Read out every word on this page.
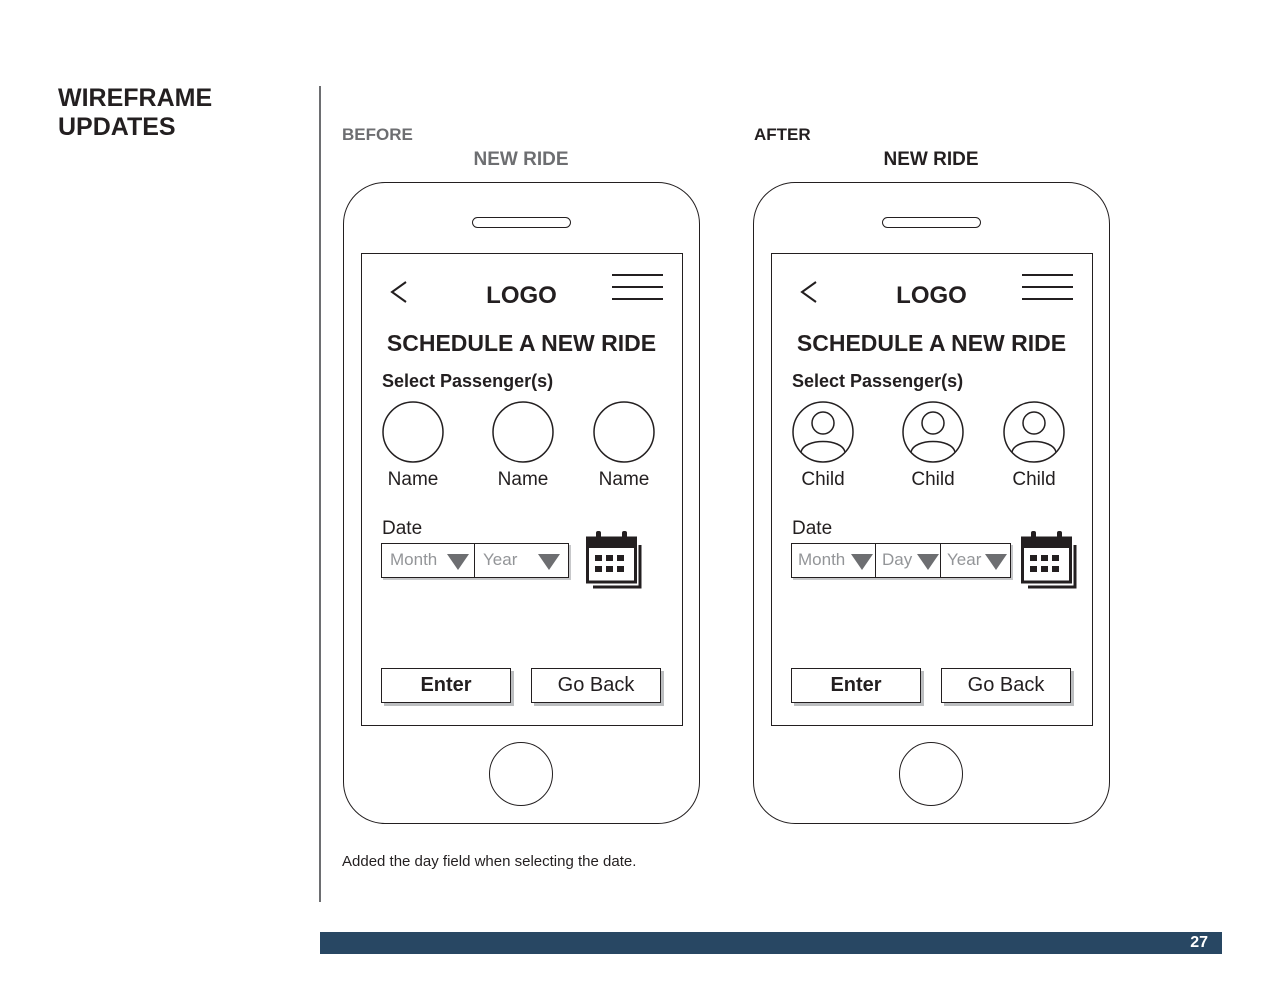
WIREFRAME
UPDATES	BEFORE	AFTER
NEW RIDE	NEW RIDE
LOGO
SCHEDULE A NEW RIDE
Select Passenger(s)
Name	Name	Name
Date
Month	Year
Enter	Go Back
LOGO
SCHEDULE A NEW RIDE
Select Passenger(s)
Child	Child	Child
Date
Month	Day	Year
Enter	Go Back
Added the day field when selecting the date.
27
